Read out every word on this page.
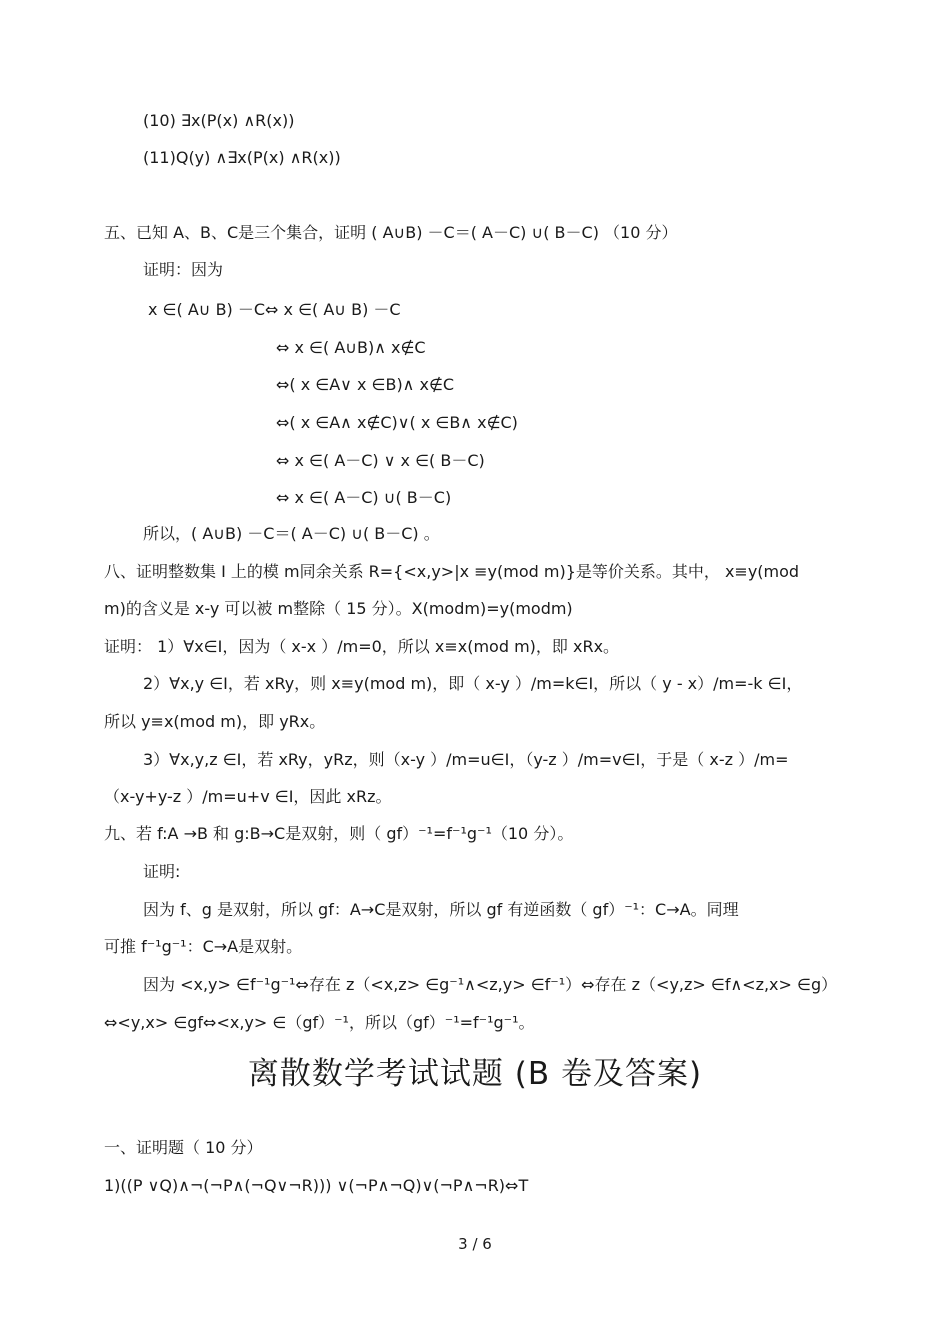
(10) ∃x(P(x) ∧R(x))
(11)Q(y) ∧∃x(P(x) ∧R(x))
五、已知 A、B、C是三个集合，证明 ( A∪B) －C＝( A－C) ∪( B－C) （10 分）
证明：因为
x ∈( A∪ B) －C⇔ x ∈( A∪ B) －C
⇔ x ∈( A∪B)∧ x∉C
⇔( x ∈A∨ x ∈B)∧ x∉C
⇔( x ∈A∧ x∉C)∨( x ∈B∧ x∉C)
⇔ x ∈( A－C) ∨ x ∈( B－C)
⇔ x ∈( A－C) ∪( B－C)
所以，( A∪B) －C＝( A－C) ∪( B－C) 。
八、证明整数集 I 上的模 m同余关系 R={<x,y>|x ≡y(mod m)}是等价关系。其中， x≡y(mod
m)的含义是 x-y 可以被 m整除（ 15 分）。X(modm)=y(modm)
证明： 1）∀x∈I，因为（ x-x ）/m=0，所以 x≡x(mod m)，即 xRx。
2）∀x,y ∈I，若 xRy，则 x≡y(mod m)，即（ x-y ）/m=k∈I，所以（ y - x）/m=-k ∈I，
所以 y≡x(mod m)，即 yRx。
3）∀x,y,z ∈I，若 xRy，yRz，则（x-y ）/m=u∈I，（y-z ）/m=v∈I，于是（ x-z ）/m=
（x-y+y-z ）/m=u+v ∈I，因此 xRz。
九、若 f:A →B 和 g:B→C是双射，则（ gf）⁻¹=f⁻¹g⁻¹（10 分）。
证明:
因为 f、g 是双射，所以 gf：A→C是双射，所以 gf 有逆函数（ gf）⁻¹：C→A。同理
可推 f⁻¹g⁻¹：C→A是双射。
因为 <x,y> ∈f⁻¹g⁻¹⇔存在 z（<x,z> ∈g⁻¹∧<z,y> ∈f⁻¹）⇔存在 z（<y,z> ∈f∧<z,x> ∈g）
⇔<y,x> ∈gf⇔<x,y> ∈（gf）⁻¹，所以（gf）⁻¹=f⁻¹g⁻¹。
离散数学考试试题 (B 卷及答案)
一、证明题（ 10 分）
1)((P ∨Q)∧¬(¬P∧(¬Q∨¬R))) ∨(¬P∧¬Q)∨(¬P∧¬R)⇔T
3 / 6
